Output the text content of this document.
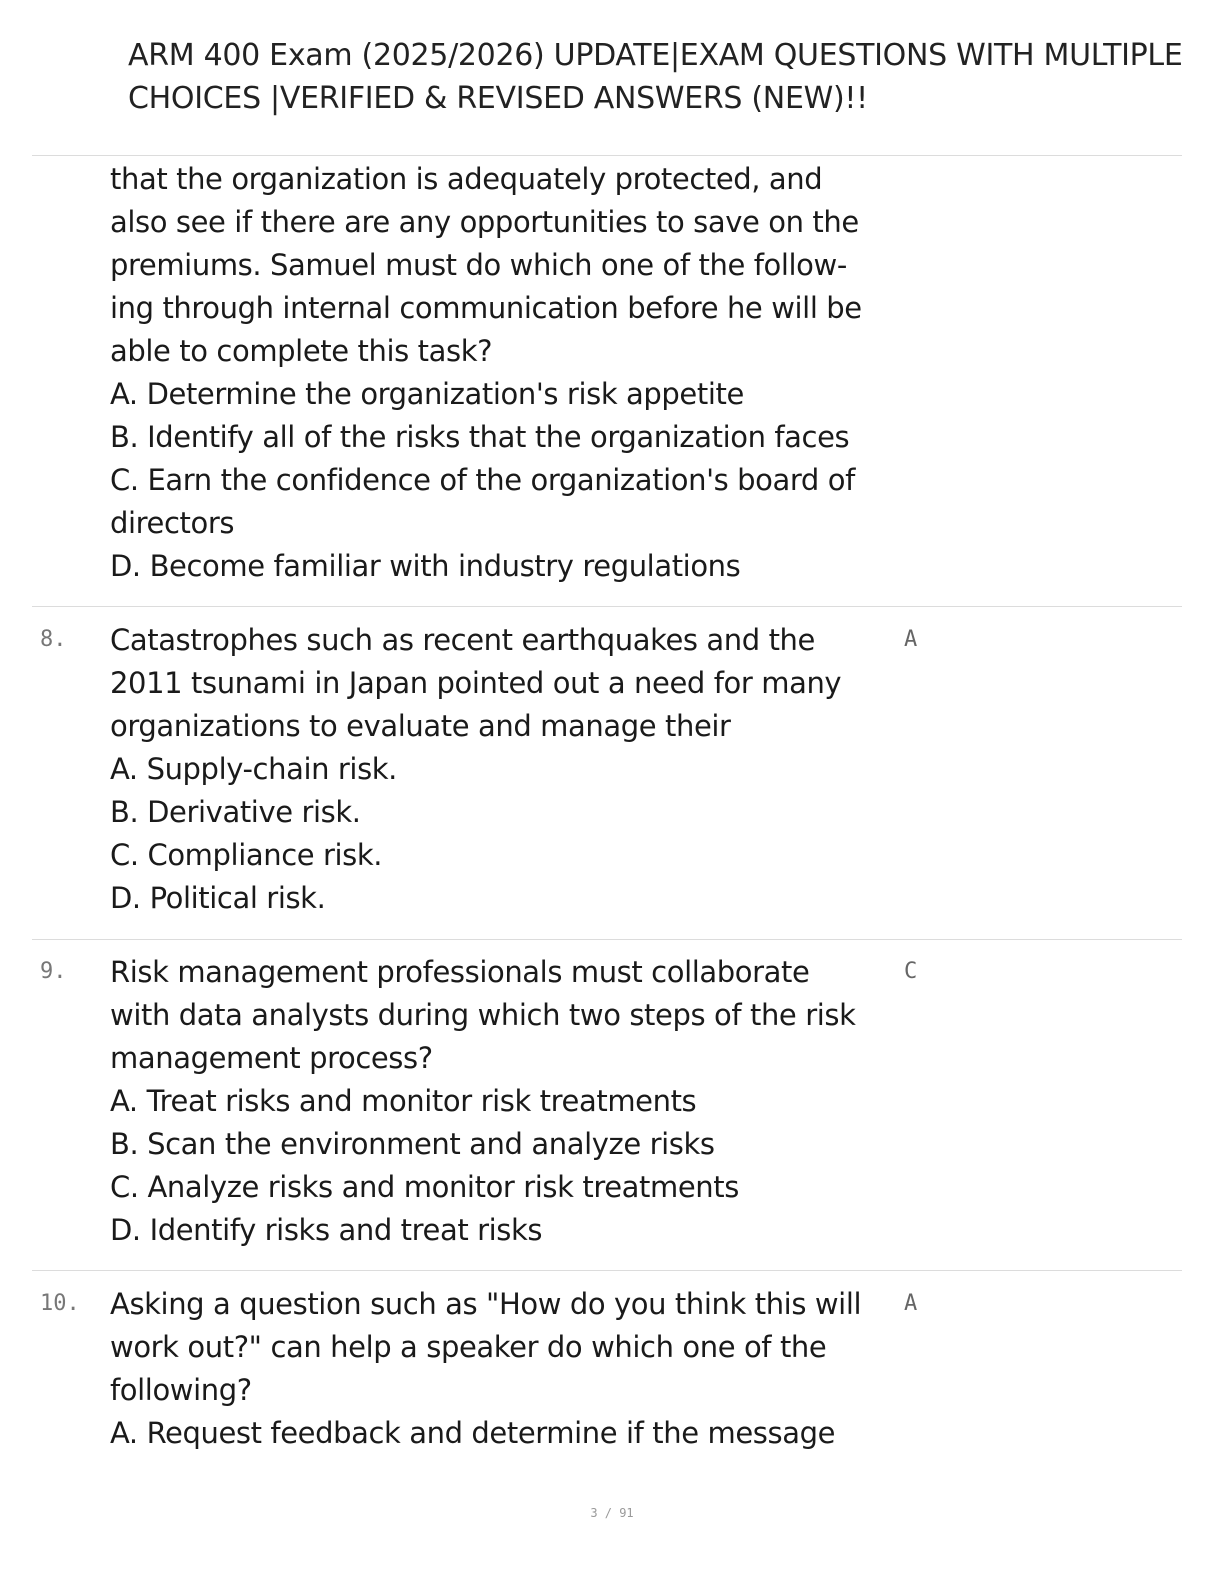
ARM 400 Exam (2025/2026) UPDATE|EXAM QUESTIONS WITH MULTIPLE
CHOICES |VERIFIED & REVISED ANSWERS (NEW)!!
that the organization is adequately protected, and
also see if there are any opportunities to save on the
premiums. Samuel must do which one of the follow-
ing through internal communication before he will be
able to complete this task?
A. Determine the organization's risk appetite
B. Identify all of the risks that the organization faces
C. Earn the confidence of the organization's board of
directors
D. Become familiar with industry regulations
8. Catastrophes such as recent earthquakes and the
2011 tsunami in Japan pointed out a need for many
organizations to evaluate and manage their
A. Supply-chain risk.
B. Derivative risk.
C. Compliance risk.
D. Political risk.
A
9. Risk management professionals must collaborate
with data analysts during which two steps of the risk
management process?
A. Treat risks and monitor risk treatments
B. Scan the environment and analyze risks
C. Analyze risks and monitor risk treatments
D. Identify risks and treat risks
C
10. Asking a question such as "How do you think this will
work out?" can help a speaker do which one of the
following?
A. Request feedback and determine if the message
A
3 / 91
